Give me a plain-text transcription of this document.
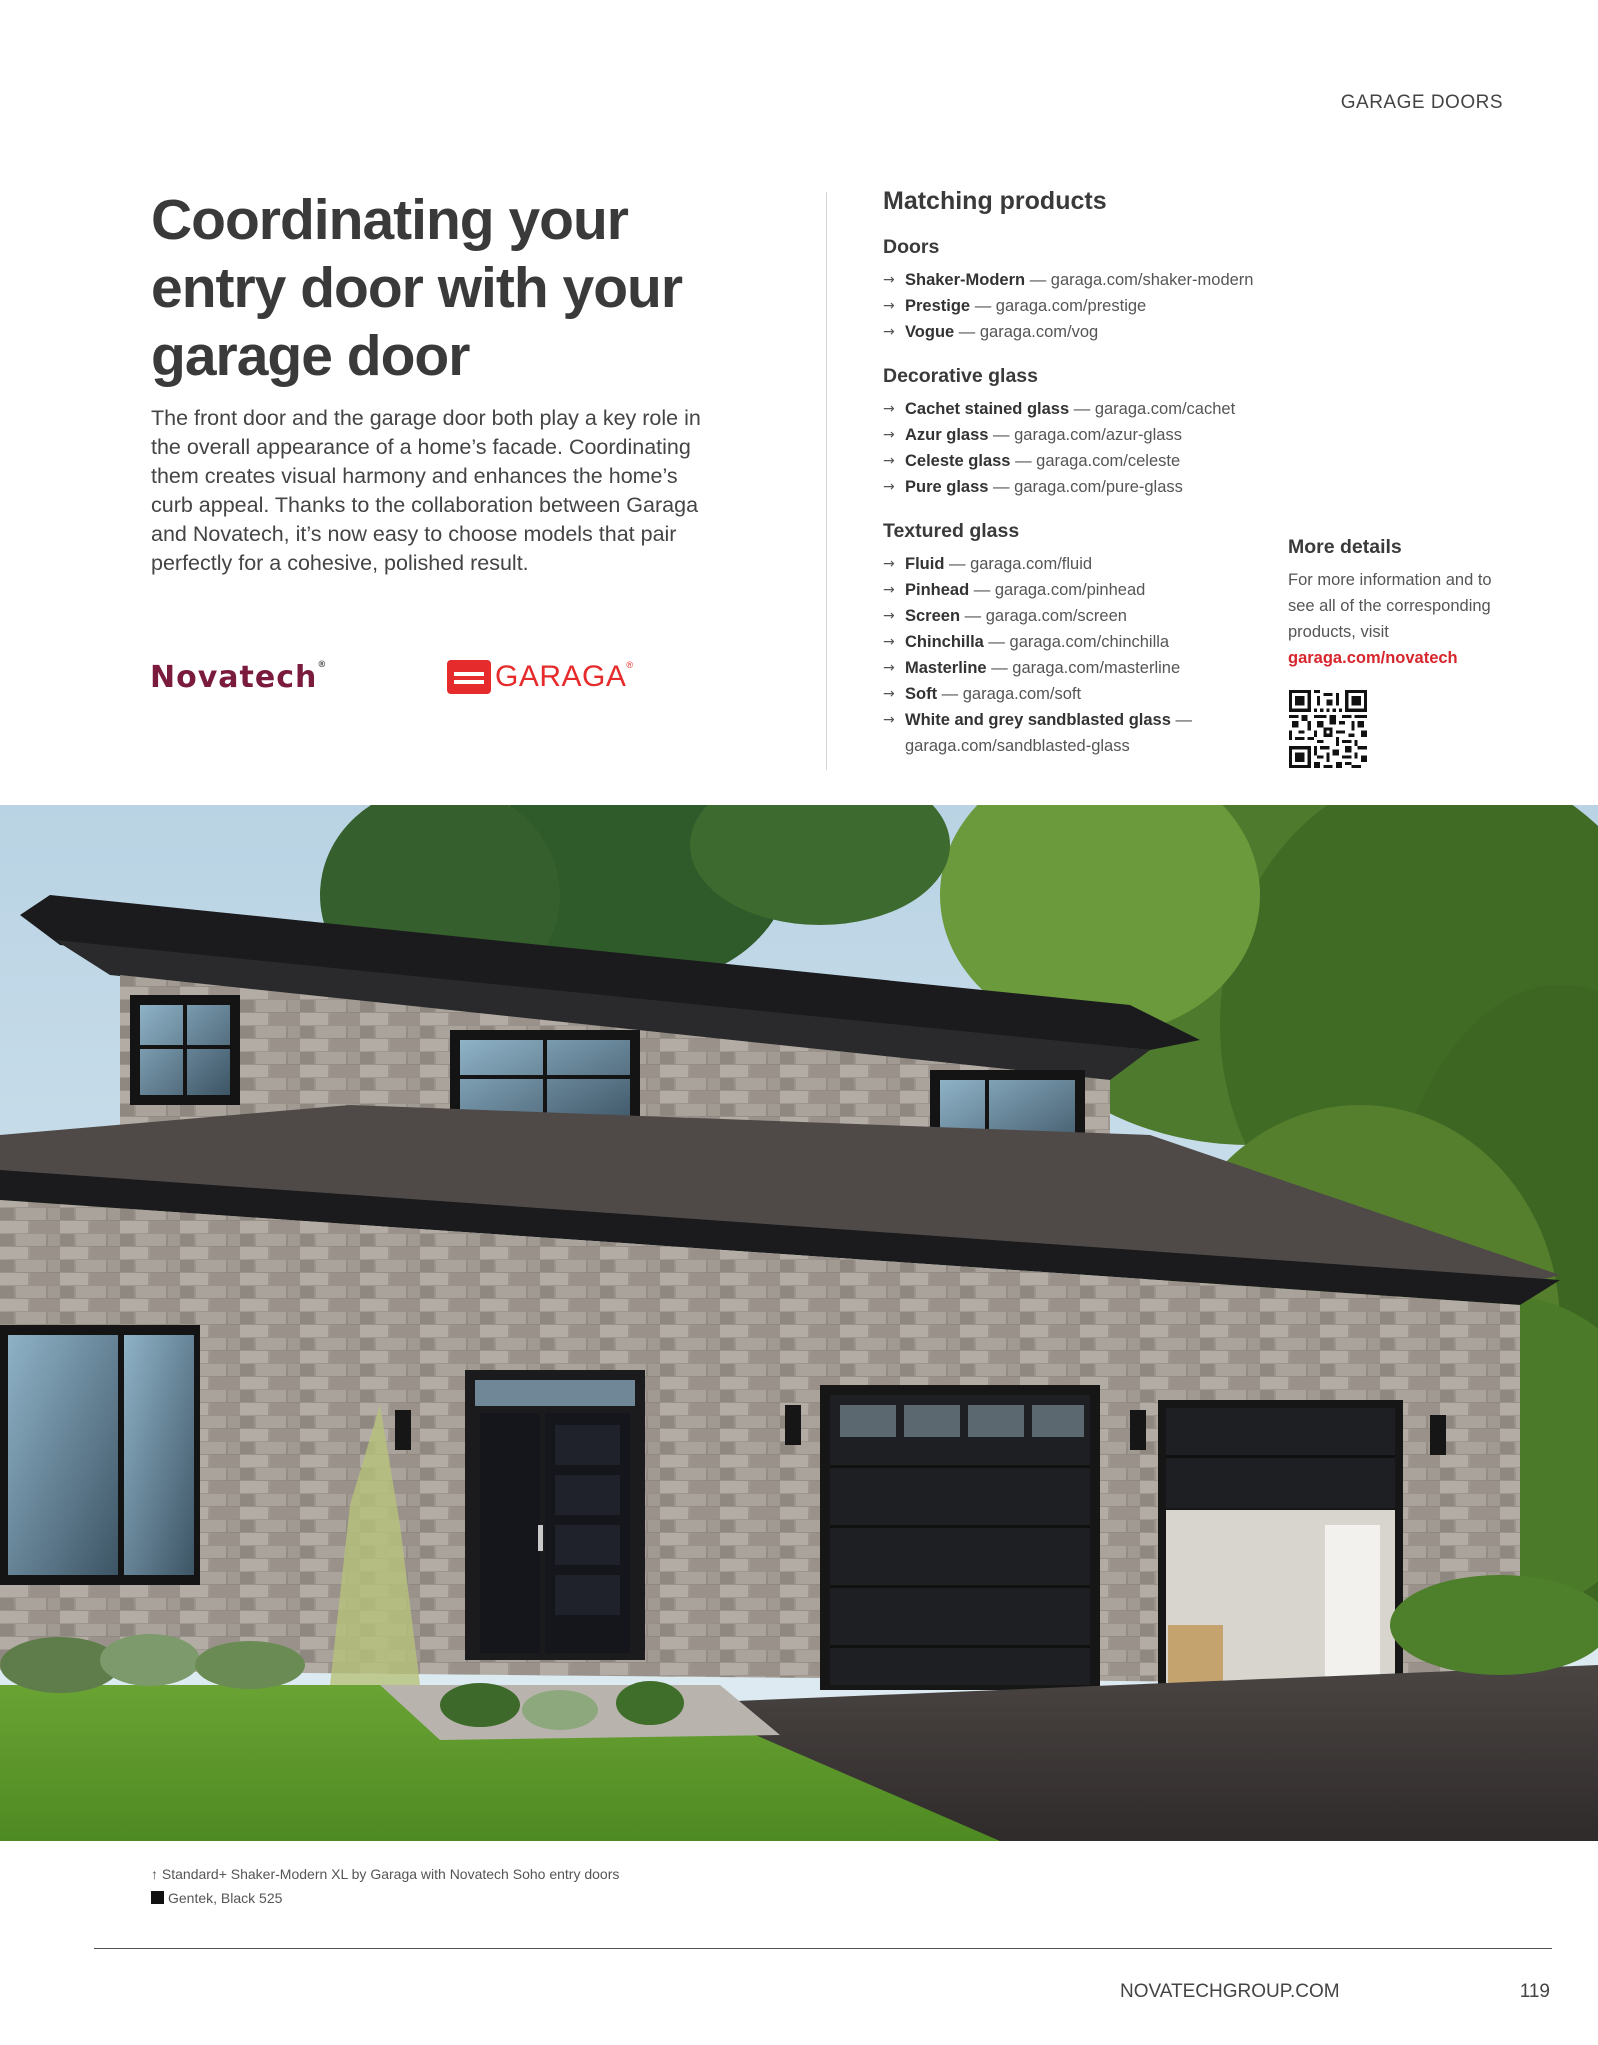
GARAGE DOORS
Coordinating your
entry door with your
garage door

The front door and the garage door both play a key role in the overall appearance of a home’s facade. Coordinating them creates visual harmony and enhances the home’s curb appeal. Thanks to the collaboration between Garaga and Novatech, it’s now easy to choose models that pair perfectly for a cohesive, polished result.

Novatech®	GARAGA®
Matching products
Doors
→ Shaker-Modern — garaga.com/shaker-modern
→ Prestige — garaga.com/prestige
→ Vogue — garaga.com/vog
Decorative glass
→ Cachet stained glass — garaga.com/cachet
→ Azur glass — garaga.com/azur-glass
→ Celeste glass — garaga.com/celeste
→ Pure glass — garaga.com/pure-glass
Textured glass
→ Fluid — garaga.com/fluid
→ Pinhead — garaga.com/pinhead
→ Screen — garaga.com/screen
→ Chinchilla — garaga.com/chinchilla
→ Masterline — garaga.com/masterline
→ Soft — garaga.com/soft
→ White and grey sandblasted glass — garaga.com/sandblasted-glass
More details
For more information and to see all of the corresponding products, visit
garaga.com/novatech
↑ Standard+ Shaker-Modern XL by Garaga with Novatech Soho entry doors
Gentek, Black 525
NOVATECHGROUP.COM	119
